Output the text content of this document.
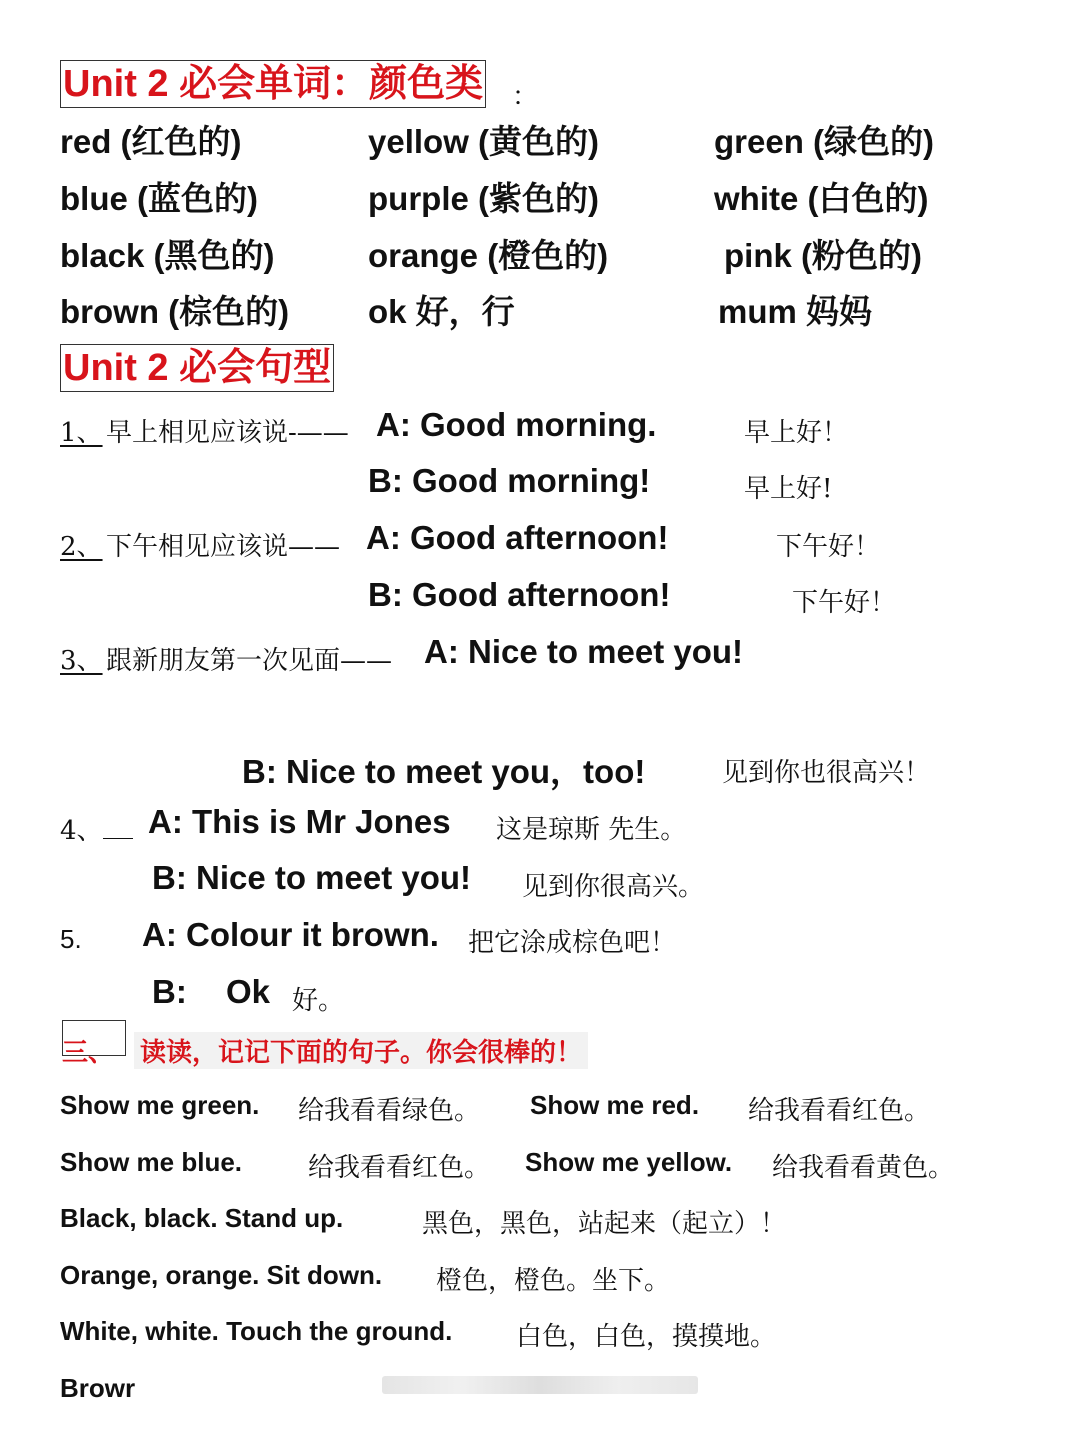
Unit 2 必会单词：颜色类 ：
red (红色的)	yellow (黄色的)	green (绿色的)
blue (蓝色的)	purple (紫色的)	white (白色的)
black (黑色的)	orange (橙色的)	pink (粉色的)
brown (棕色的) ok 好，行	mum 妈妈
Unit 2 必会句型
1、 早上相见应该说-—— A: Good morning.	早上好！
B: Good morning!	早上好!
2、 下午相见应该说—— A: Good afternoon!	下午好！
B: Good afternoon!	下午好！
3、 跟新朋友第一次见面—— A: Nice to meet you!
B: Nice to meet you，too!	见到你也很高兴！
4、	A: This is Mr Jones 这是琼斯 先生。
B: Nice to meet you! 见到你很高兴。
5. A: Colour it brown. 把它涂成棕色吧！
B: Ok 好。
三、 读读，记记下面的句子。你会很棒的！
Show me green. 给我看看绿色。 Show me red. 给我看看红色。
Show me blue.	给我看看红色。 Show me yellow. 给我看看黄色。
Black, black. Stand up.	黑色，黑色，站起来（起立）！
Orange, orange. Sit down. 橙色，橙色。坐下。
White, white. Touch the ground. 白色，白色，摸摸地。
Browr
